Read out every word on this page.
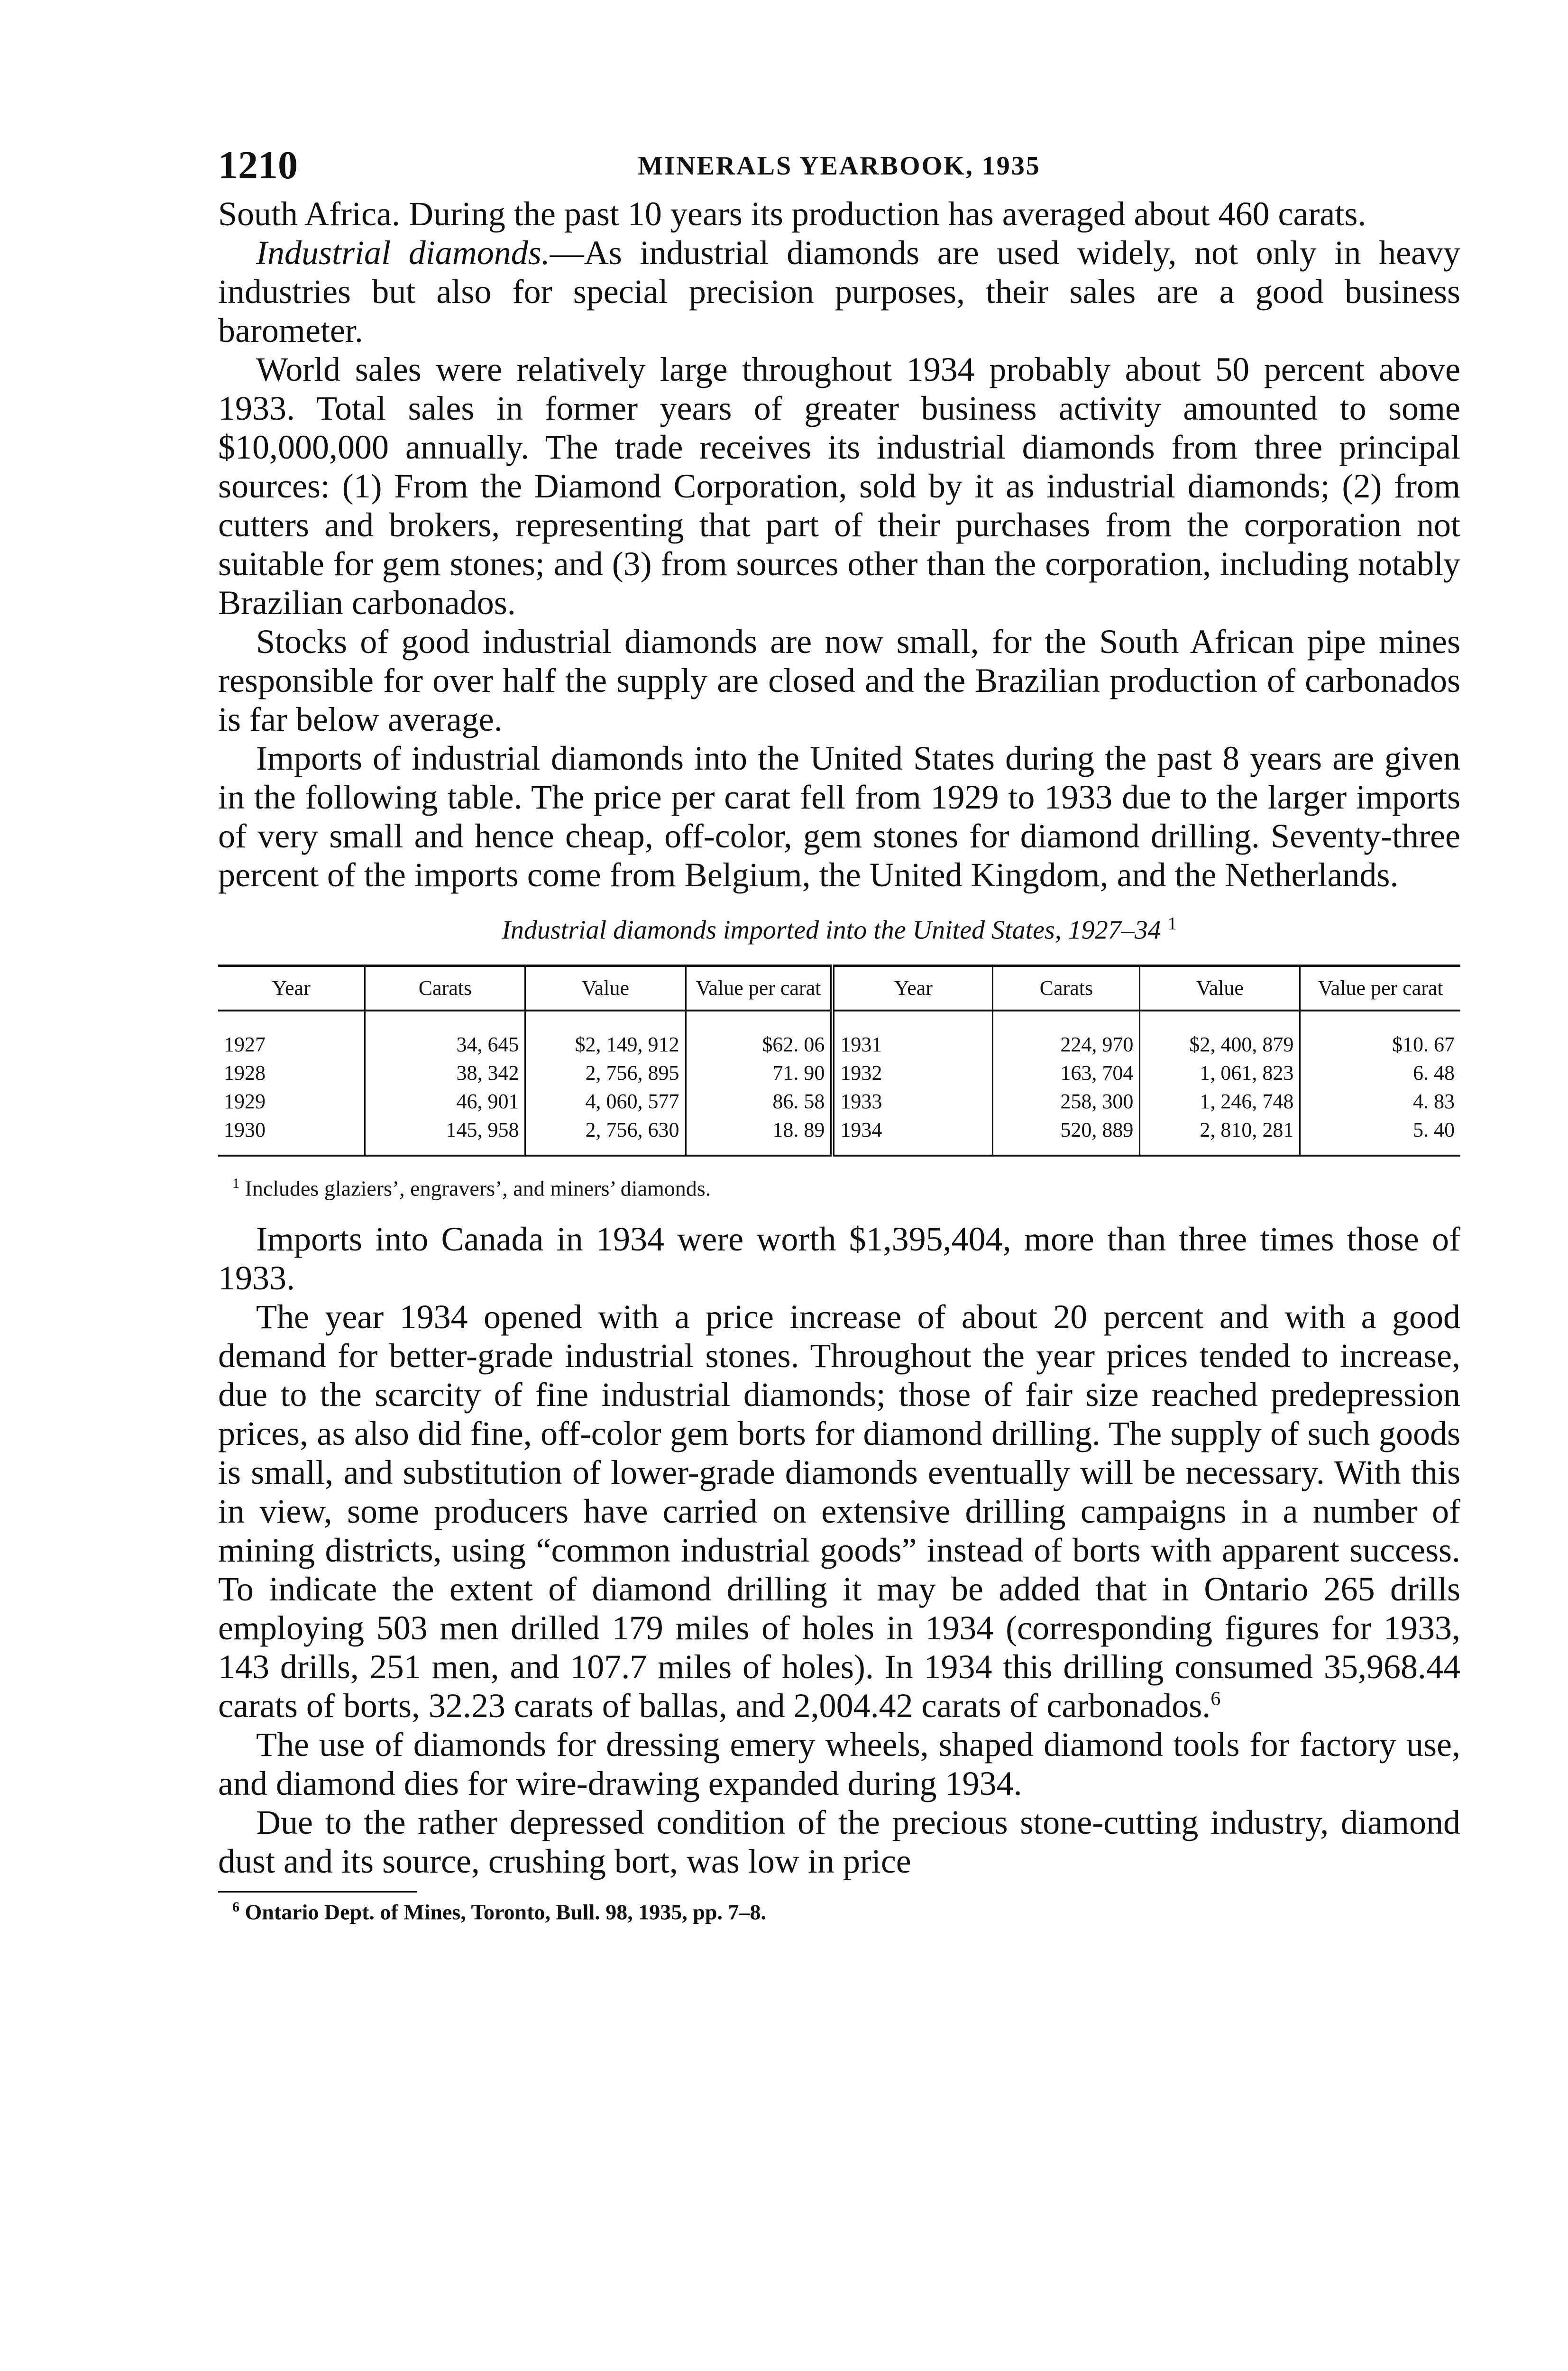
1210	MINERALS YEARBOOK, 1935

South Africa. During the past 10 years its production has averaged about 460 carats.

Industrial diamonds.—As industrial diamonds are used widely, not only in heavy industries but also for special precision purposes, their sales are a good business barometer.

World sales were relatively large throughout 1934 probably about 50 percent above 1933. Total sales in former years of greater business activity amounted to some $10,000,000 annually. The trade receives its industrial diamonds from three principal sources: (1) From the Diamond Corporation, sold by it as industrial diamonds; (2) from cutters and brokers, representing that part of their purchases from the corporation not suitable for gem stones; and (3) from sources other than the corporation, including notably Brazilian carbonados.

Stocks of good industrial diamonds are now small, for the South African pipe mines responsible for over half the supply are closed and the Brazilian production of carbonados is far below average.

Imports of industrial diamonds into the United States during the past 8 years are given in the following table. The price per carat fell from 1929 to 1933 due to the larger imports of very small and hence cheap, off-color, gem stones for diamond drilling. Seventy-three percent of the imports come from Belgium, the United Kingdom, and the Netherlands.

Industrial diamonds imported into the United States, 1927–34 $^1$
Year	Carats	Value	Value per carat	Year	Carats	Value	Value per carat

1927	34, 645	$2, 149, 912	$62. 06	1931	224, 970	$2, 400, 879	$10. 67
1928	38, 342	2, 756, 895	71. 90	1932	163, 704	1, 061, 823	6. 48
1929	46, 901	4, 060, 577	86. 58	1933	258, 300	1, 246, 748	4. 83
1930	145, 958	2, 756, 630	18. 89	1934	520, 889	2, 810, 281	5. 40
$^1$ Includes glaziers’, engravers’, and miners’ diamonds.

Imports into Canada in 1934 were worth $1,395,404, more than three times those of 1933.

The year 1934 opened with a price increase of about 20 percent and with a good demand for better-grade industrial stones. Throughout the year prices tended to increase, due to the scarcity of fine industrial diamonds; those of fair size reached predepression prices, as also did fine, off-color gem borts for diamond drilling. The supply of such goods is small, and substitution of lower-grade diamonds eventually will be necessary. With this in view, some producers have carried on extensive drilling campaigns in a number of mining districts, using “common industrial goods” instead of borts with apparent success. To indicate the extent of diamond drilling it may be added that in Ontario 265 drills employing 503 men drilled 179 miles of holes in 1934 (corresponding figures for 1933, 143 drills, 251 men, and 107.7 miles of holes). In 1934 this drilling consumed 35,968.44 carats of borts, 32.23 carats of ballas, and 2,004.42 carats of carbonados.$^6$

The use of diamonds for dressing emery wheels, shaped diamond tools for factory use, and diamond dies for wire-drawing expanded during 1934.

Due to the rather depressed condition of the precious stone-cutting industry, diamond dust and its source, crushing bort, was low in price

$^6$ Ontario Dept. of Mines, Toronto, Bull. 98, 1935, pp. 7–8.
